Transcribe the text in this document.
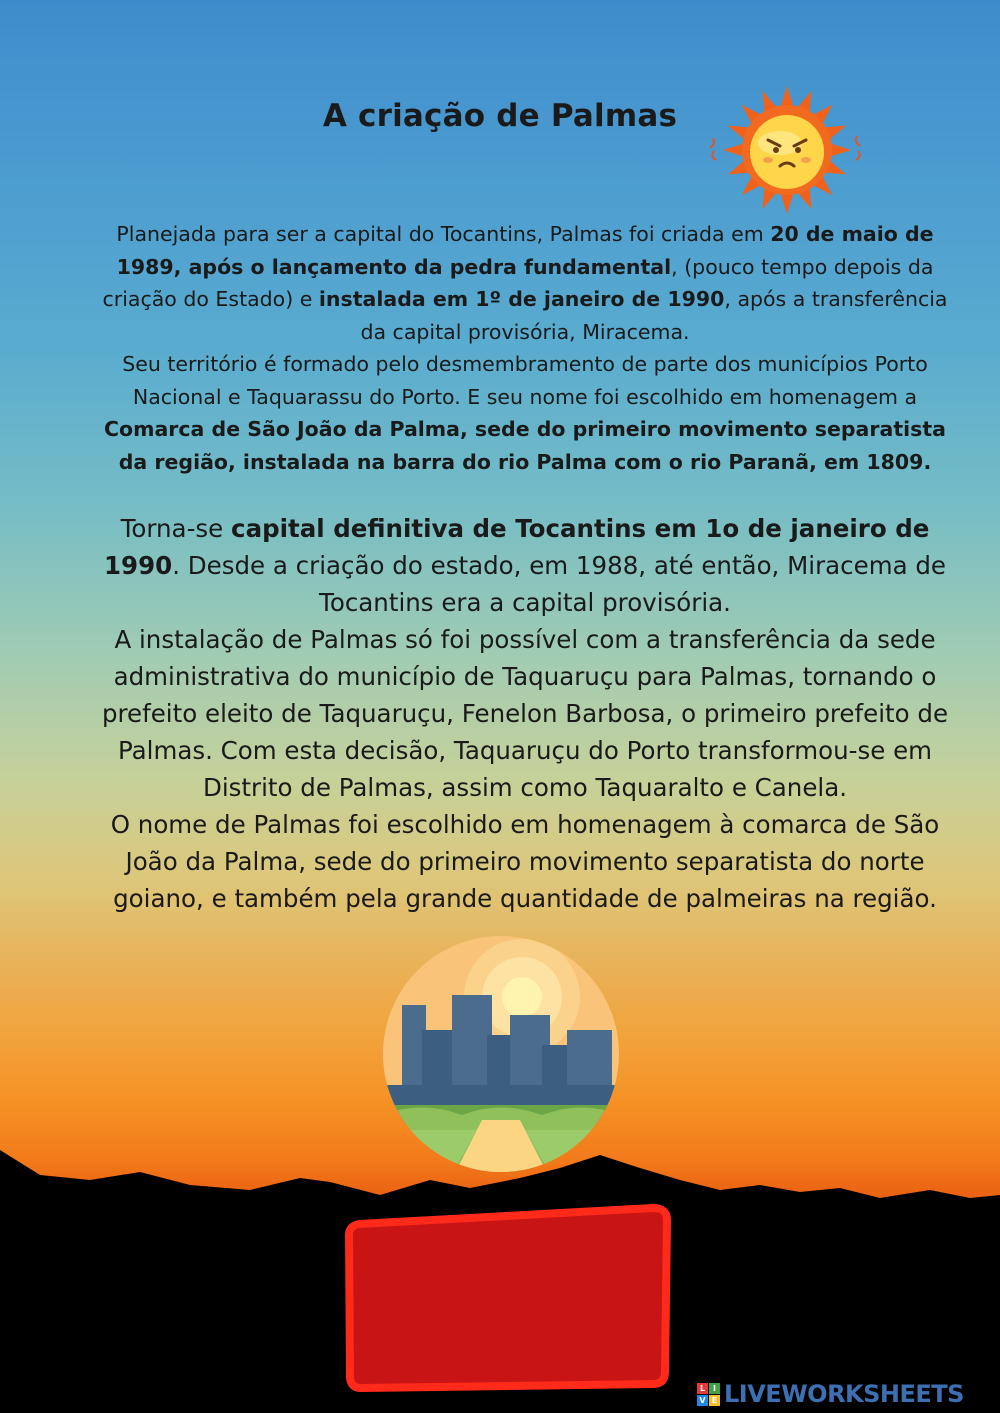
A criação de Palmas

Planejada para ser a capital do Tocantins, Palmas foi criada em 20 de maio de 1989, após o lançamento da pedra fundamental, (pouco tempo depois da criação do Estado) e instalada em 1º de janeiro de 1990, após a transferência da capital provisória, Miracema.
Seu território é formado pelo desmembramento de parte dos municípios Porto Nacional e Taquarassu do Porto. E seu nome foi escolhido em homenagem a Comarca de São João da Palma, sede do primeiro movimento separatista da região, instalada na barra do rio Palma com o rio Paranã, em 1809.

Torna-se capital definitiva de Tocantins em 1o de janeiro de 1990. Desde a criação do estado, em 1988, até então, Miracema de Tocantins era a capital provisória.
A instalação de Palmas só foi possível com a transferência da sede administrativa do município de Taquaruçu para Palmas, tornando o prefeito eleito de Taquaruçu, Fenelon Barbosa, o primeiro prefeito de Palmas. Com esta decisão, Taquaruçu do Porto transformou-se em Distrito de Palmas, assim como Taquaralto e Canela.
O nome de Palmas foi escolhido em homenagem à comarca de São João da Palma, sede do primeiro movimento separatista do norte goiano, e também pela grande quantidade de palmeiras na região.

L I
V E LIVEWORKSHEETS
